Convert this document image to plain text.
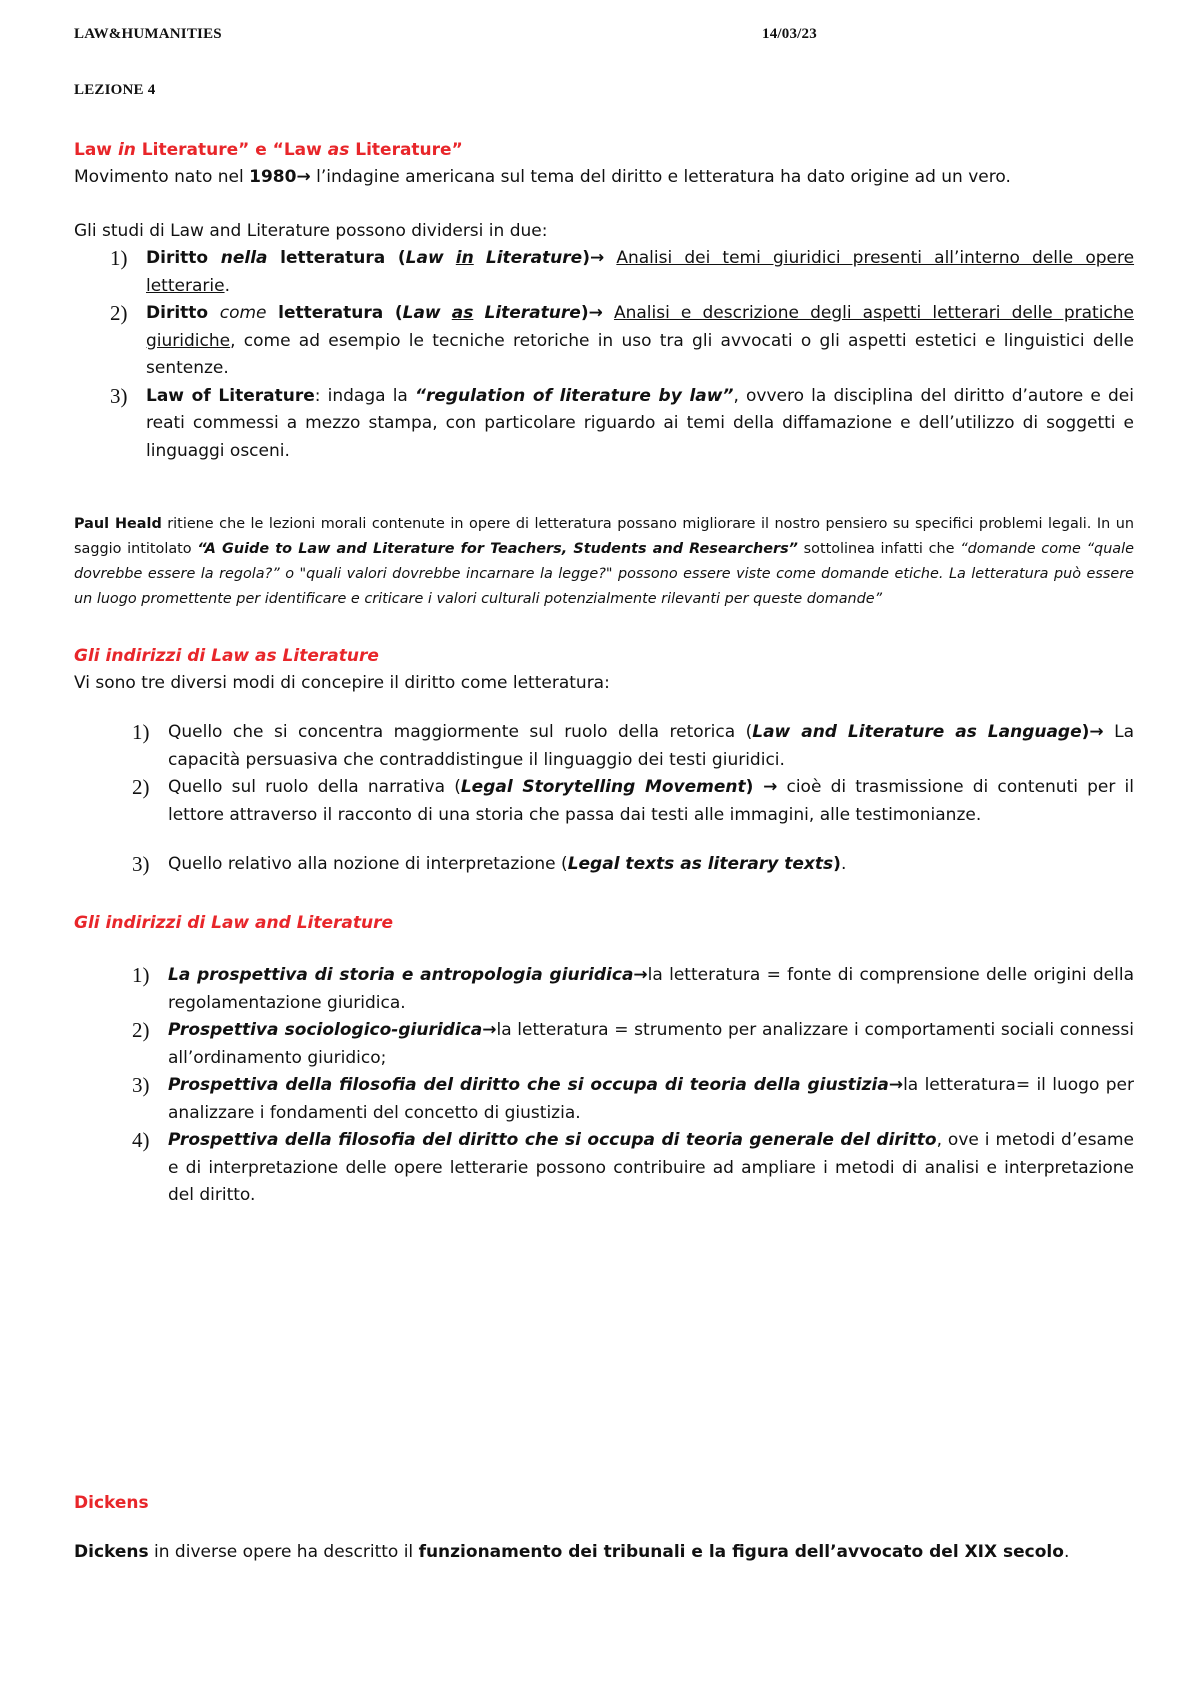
LAW&HUMANITIES	14/03/23
LEZIONE 4
Law in Literature” e “Law as Literature”
Movimento nato nel 1980→ l’indagine americana sul tema del diritto e letteratura ha dato origine ad un vero.
Gli studi di Law and Literature possono dividersi in due:
1) Diritto nella letteratura (Law in Literature)→ Analisi dei temi giuridici presenti all’interno delle opere letterarie.
2) Diritto come letteratura (Law as Literature)→ Analisi e descrizione degli aspetti letterari delle pratiche giuridiche, come ad esempio le tecniche retoriche in uso tra gli avvocati o gli aspetti estetici e linguistici delle sentenze.
3) Law of Literature: indaga la “regulation of literature by law”, ovvero la disciplina del diritto d’autore e dei reati commessi a mezzo stampa, con particolare riguardo ai temi della diffamazione e dell’utilizzo di soggetti e linguaggi osceni.
Paul Heald ritiene che le lezioni morali contenute in opere di letteratura possano migliorare il nostro pensiero su specifici problemi legali. In un saggio intitolato “A Guide to Law and Literature for Teachers, Students and Researchers” sottolinea infatti che “domande come “quale dovrebbe essere la regola?” o "quali valori dovrebbe incarnare la legge?" possono essere viste come domande etiche. La letteratura può essere un luogo promettente per identificare e criticare i valori culturali potenzialmente rilevanti per queste domande”
Gli indirizzi di Law as Literature
Vi sono tre diversi modi di concepire il diritto come letteratura:
1) Quello che si concentra maggiormente sul ruolo della retorica (Law and Literature as Language)→ La capacità persuasiva che contraddistingue il linguaggio dei testi giuridici.
2) Quello sul ruolo della narrativa (Legal Storytelling Movement) → cioè di trasmissione di contenuti per il lettore attraverso il racconto di una storia che passa dai testi alle immagini, alle testimonianze.
3) Quello relativo alla nozione di interpretazione (Legal texts as literary texts).
Gli indirizzi di Law and Literature
1) La prospettiva di storia e antropologia giuridica→la letteratura = fonte di comprensione delle origini della regolamentazione giuridica.
2) Prospettiva sociologico-giuridica→la letteratura = strumento per analizzare i comportamenti sociali connessi all’ordinamento giuridico;
3) Prospettiva della filosofia del diritto che si occupa di teoria della giustizia→la letteratura= il luogo per analizzare i fondamenti del concetto di giustizia.
4) Prospettiva della filosofia del diritto che si occupa di teoria generale del diritto, ove i metodi d’esame e di interpretazione delle opere letterarie possono contribuire ad ampliare i metodi di analisi e interpretazione del diritto.
Dickens
Dickens in diverse opere ha descritto il funzionamento dei tribunali e la figura dell’avvocato del XIX secolo.
